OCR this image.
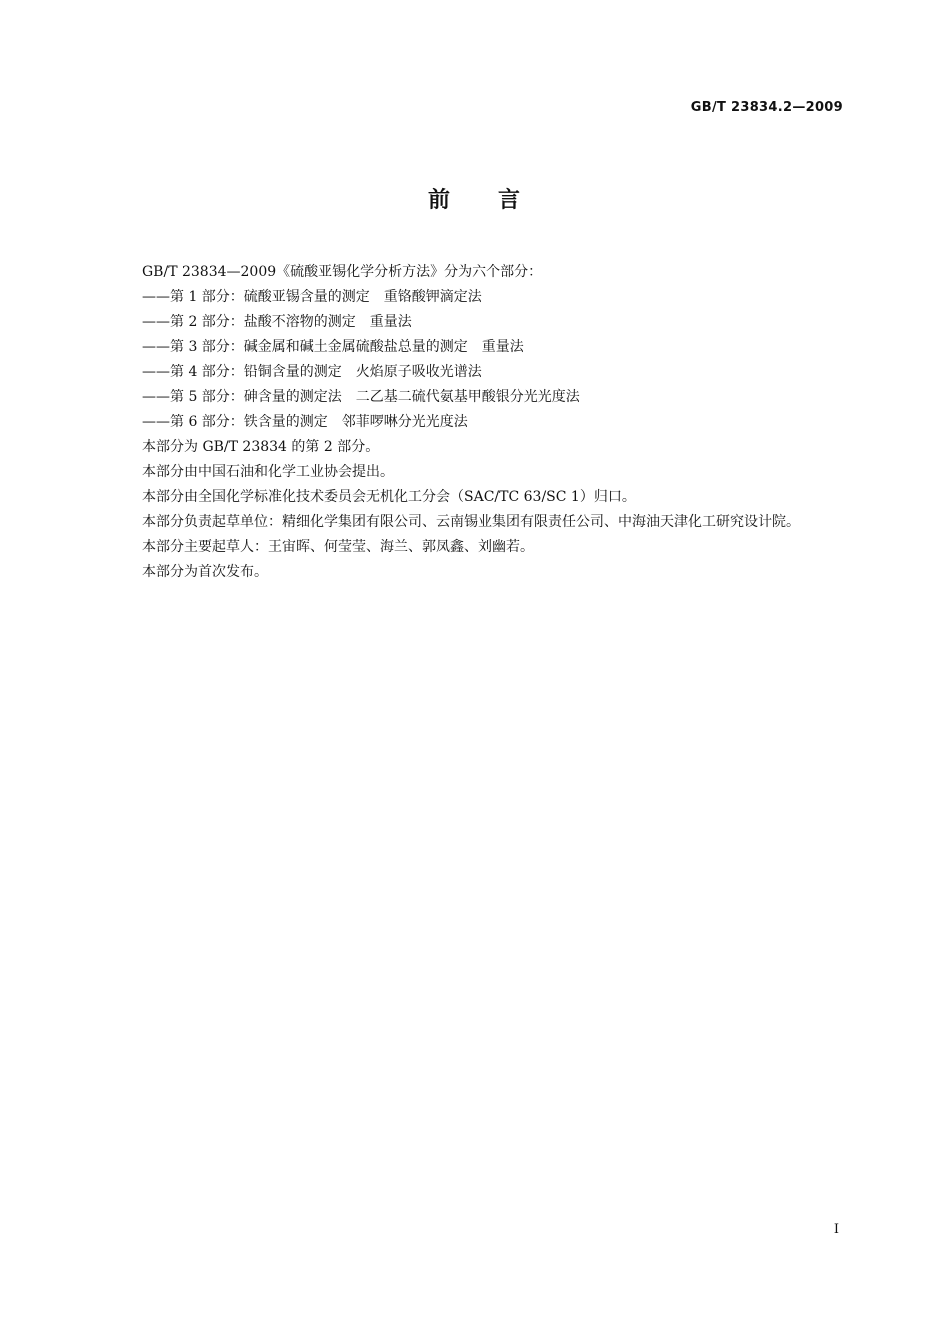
GB/T 23834.2—2009
前 言

GB/T 23834—2009《硫酸亚锡化学分析方法》分为六个部分：

——第 1 部分：硫酸亚锡含量的测定　重铬酸钾滴定法

——第 2 部分：盐酸不溶物的测定　重量法

——第 3 部分：碱金属和碱土金属硫酸盐总量的测定　重量法

——第 4 部分：铅铜含量的测定　火焰原子吸收光谱法

——第 5 部分：砷含量的测定法　二乙基二硫代氨基甲酸银分光光度法

——第 6 部分：铁含量的测定　邻菲啰啉分光光度法

本部分为 GB/T 23834 的第 2 部分。

本部分由中国石油和化学工业协会提出。

本部分由全国化学标准化技术委员会无机化工分会（SAC/TC 63/SC 1）归口。

本部分负责起草单位：精细化学集团有限公司、云南锡业集团有限责任公司、中海油天津化工研究设计院。

本部分主要起草人：王宙晖、何莹莹、海兰、郭凤鑫、刘幽若。

本部分为首次发布。

I
